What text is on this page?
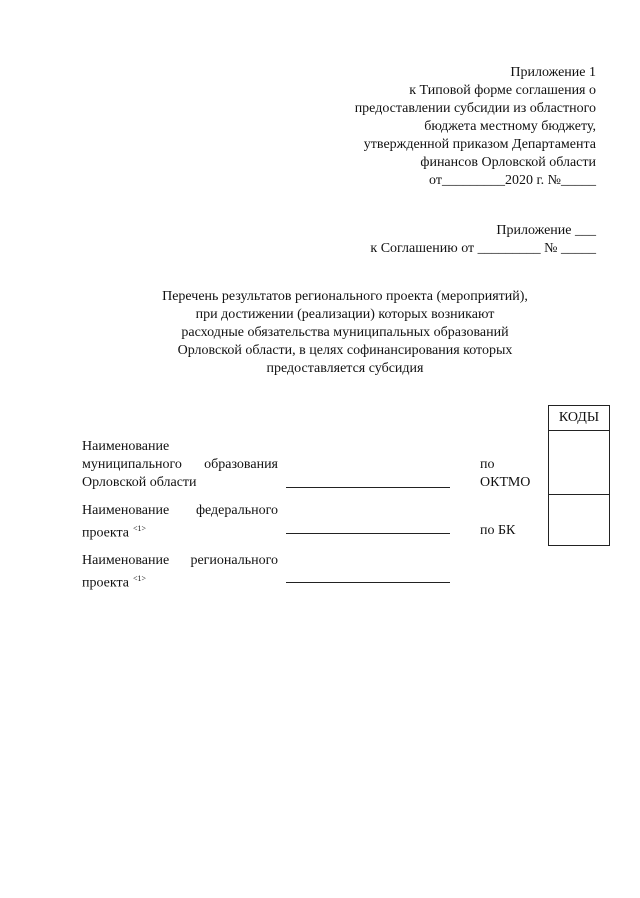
Приложение 1
к Типовой форме соглашения о
предоставлении субсидии из областного
бюджета местному бюджету,
утвержденной приказом Департамента
финансов Орловской области
от_________2020 г. №_____
Приложение ___
к Соглашению от _________ № _____
Перечень результатов регионального проекта (мероприятий),
при достижении (реализации) которых возникают
расходные обязательства муниципальных образований
Орловской области, в целях софинансирования которых
предоставляется субсидия
КОДЫ
Наименование
муниципального образования
Орловской области
по
ОКТМО
Наименование федерального
проекта $^{<1>}$	по БК
Наименование регионального
проекта $^{<1>}$
